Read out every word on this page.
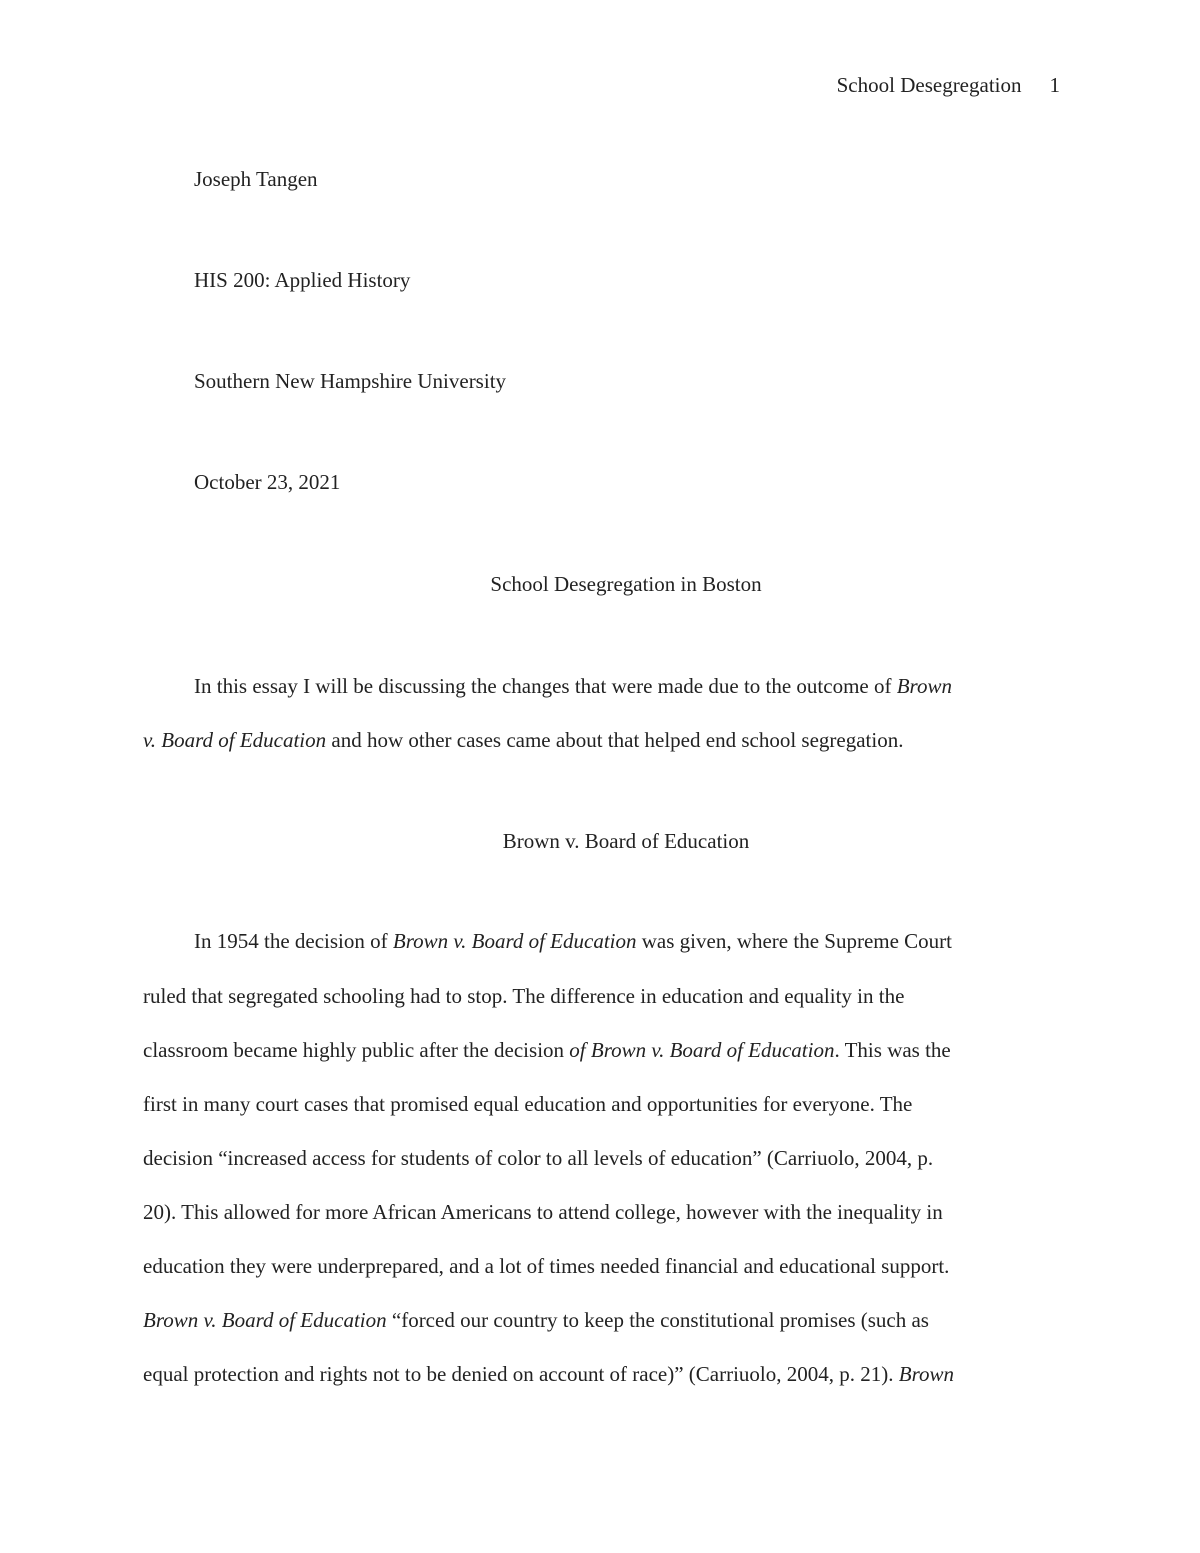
School Desegregation 1
Joseph Tangen
HIS 200: Applied History
Southern New Hampshire University
October 23, 2021
School Desegregation in Boston
In this essay I will be discussing the changes that were made due to the outcome of Brown
v. Board of Education and how other cases came about that helped end school segregation.
Brown v. Board of Education
In 1954 the decision of Brown v. Board of Education was given, where the Supreme Court
ruled that segregated schooling had to stop. The difference in education and equality in the
classroom became highly public after the decision of Brown v. Board of Education. This was the
first in many court cases that promised equal education and opportunities for everyone. The
decision “increased access for students of color to all levels of education” (Carriuolo, 2004, p.
20). This allowed for more African Americans to attend college, however with the inequality in
education they were underprepared, and a lot of times needed financial and educational support.
Brown v. Board of Education “forced our country to keep the constitutional promises (such as
equal protection and rights not to be denied on account of race)” (Carriuolo, 2004, p. 21). Brown
